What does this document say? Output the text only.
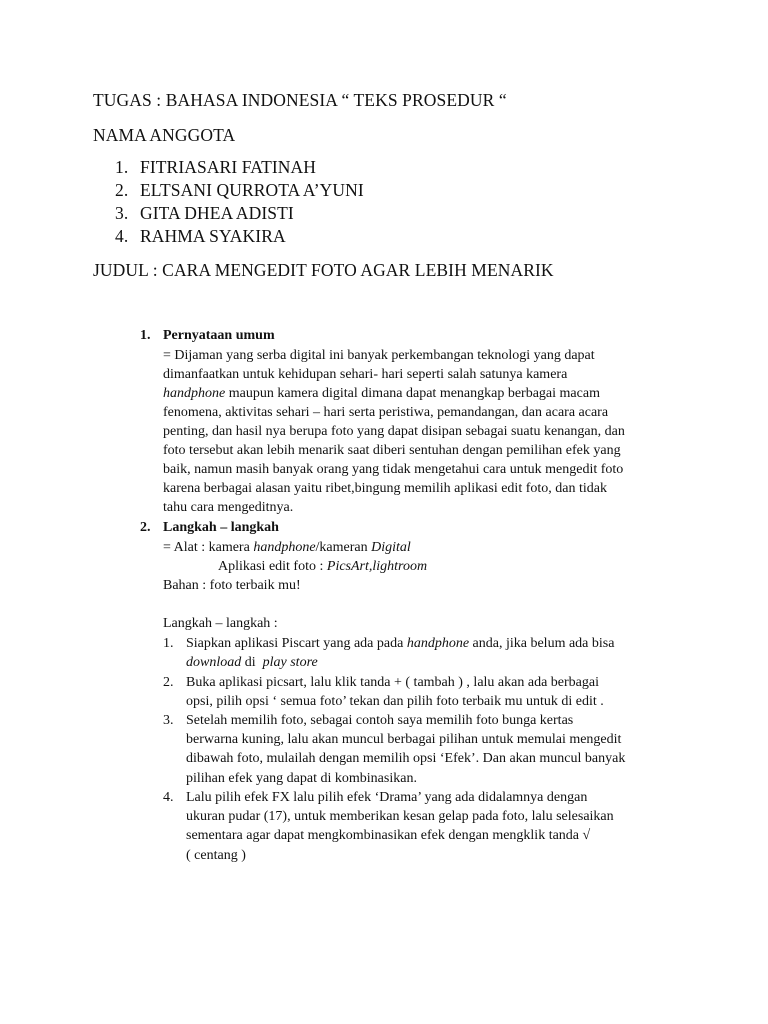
TUGAS : BAHASA INDONESIA “ TEKS PROSEDUR “
NAMA ANGGOTA
1. FITRIASARI FATINAH
2. ELTSANI QURROTA A’YUNI
3. GITA DHEA ADISTI
4. RAHMA SYAKIRA
JUDUL : CARA MENGEDIT FOTO AGAR LEBIH MENARIK
1. Pernyataan umum
= Dijaman yang serba digital ini banyak perkembangan teknologi yang dapat
dimanfaatkan untuk kehidupan sehari- hari seperti salah satunya kamera
handphone maupun kamera digital dimana dapat menangkap berbagai macam
fenomena, aktivitas sehari – hari serta peristiwa, pemandangan, dan acara acara
penting, dan hasil nya berupa foto yang dapat disipan sebagai suatu kenangan, dan
foto tersebut akan lebih menarik saat diberi sentuhan dengan pemilihan efek yang
baik, namun masih banyak orang yang tidak mengetahui cara untuk mengedit foto
karena berbagai alasan yaitu ribet,bingung memilih aplikasi edit foto, dan tidak
tahu cara mengeditnya.
2. Langkah – langkah
= Alat : kamera handphone/kameran Digital
Aplikasi edit foto : PicsArt,lightroom
Bahan : foto terbaik mu!
Langkah – langkah :
1. Siapkan aplikasi Piscart yang ada pada handphone anda, jika belum ada bisa
download di  play store
2. Buka aplikasi picsart, lalu klik tanda + ( tambah ) , lalu akan ada berbagai
opsi, pilih opsi ‘ semua foto’ tekan dan pilih foto terbaik mu untuk di edit .
3. Setelah memilih foto, sebagai contoh saya memilih foto bunga kertas
berwarna kuning, lalu akan muncul berbagai pilihan untuk memulai mengedit
dibawah foto, mulailah dengan memilih opsi ‘Efek’. Dan akan muncul banyak
pilihan efek yang dapat di kombinasikan.
4. Lalu pilih efek FX lalu pilih efek ‘Drama’ yang ada didalamnya dengan
ukuran pudar (17), untuk memberikan kesan gelap pada foto, lalu selesaikan
sementara agar dapat mengkombinasikan efek dengan mengklik tanda √
( centang )
